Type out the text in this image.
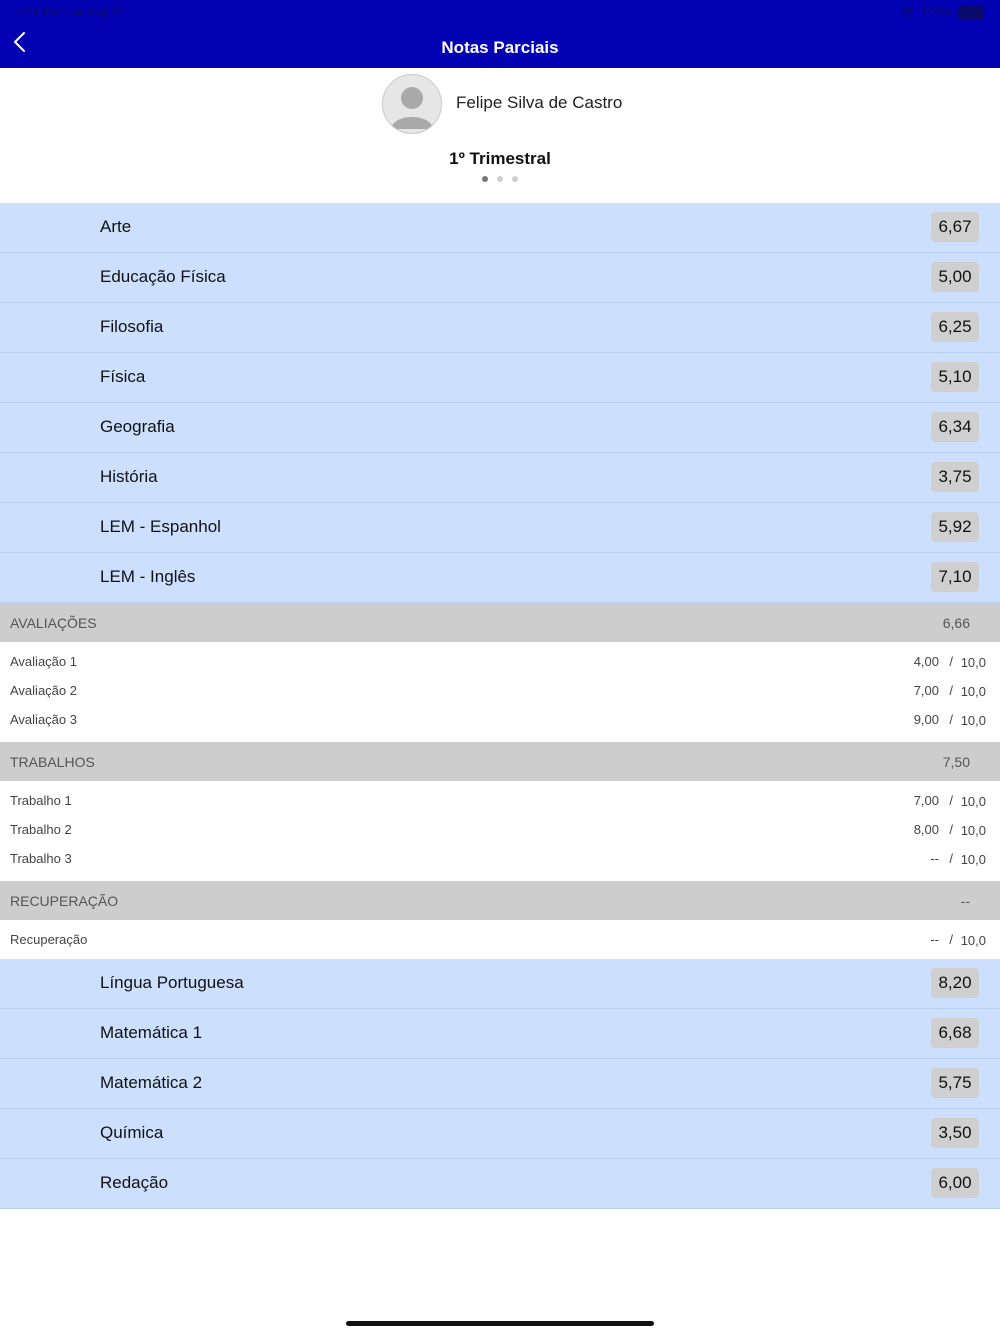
5:09 PM Tue Aug 27	100%
Notas Parciais
Felipe Silva de Castro
1º Trimestral
Arte	6,67
Educação Física	5,00
Filosofia	6,25
Física	5,10
Geografia	6,34
História	3,75
LEM - Espanhol	5,92
LEM - Inglês	7,10
AVALIAÇÕES	6,66
Avaliação 1	4,00 / 10,0
Avaliação 2	7,00 / 10,0
Avaliação 3	9,00 / 10,0
TRABALHOS	7,50
Trabalho 1	7,00 / 10,0
Trabalho 2	8,00 / 10,0
Trabalho 3	-- / 10,0
RECUPERAÇÃO	--
Recuperação	-- / 10,0
Língua Portuguesa	8,20
Matemática 1	6,68
Matemática 2	5,75
Química	3,50
Redação	6,00
